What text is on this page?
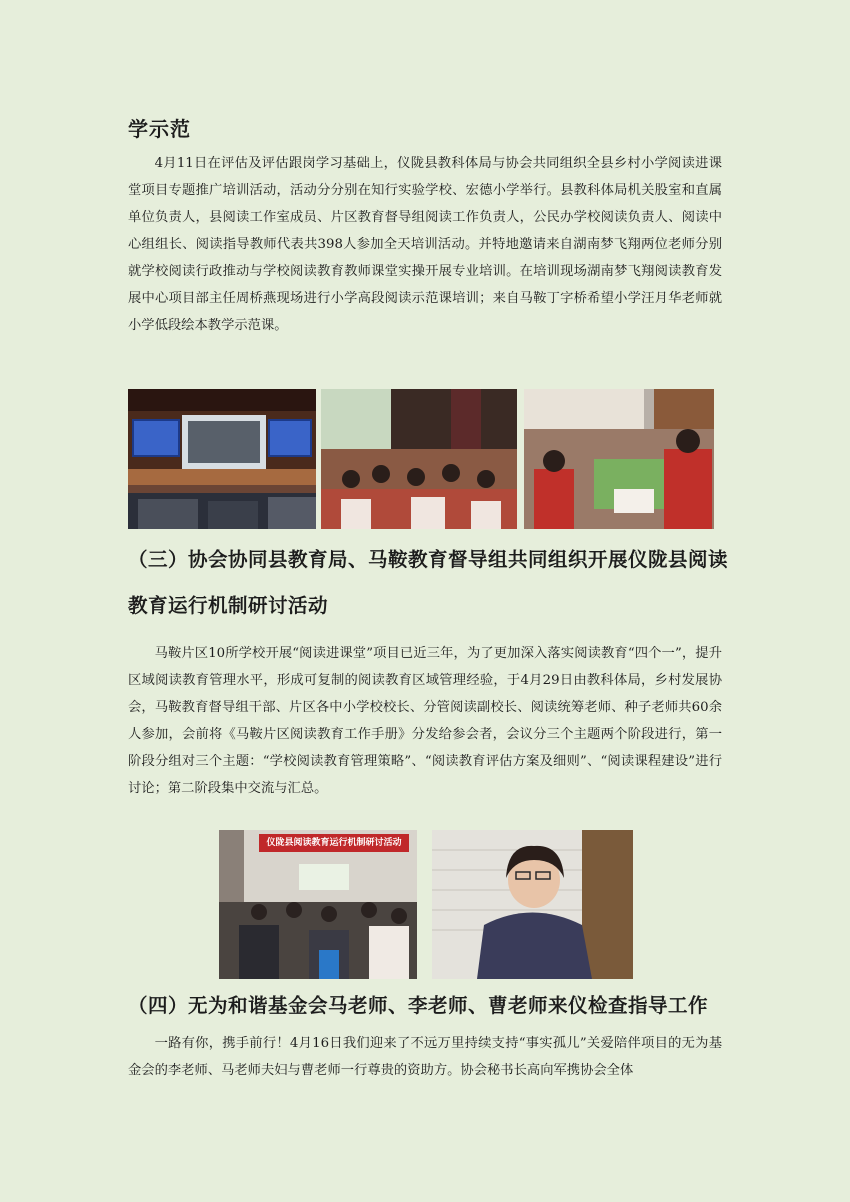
学示范

4月11日在评估及评估跟岗学习基础上，仪陇县教科体局与协会共同组织全县乡村小学阅读进课堂项目专题推广培训活动，活动分分别在知行实验学校、宏德小学举行。县教科体局机关股室和直属单位负责人，县阅读工作室成员、片区教育督导组阅读工作负责人，公民办学校阅读负责人、阅读中心组组长、阅读指导教师代表共398人参加全天培训活动。并特地邀请来自湖南梦飞翔两位老师分别就学校阅读行政推动与学校阅读教育教师课堂实操开展专业培训。在培训现场湖南梦飞翔阅读教育发展中心项目部主任周桥燕现场进行小学高段阅读示范课培训；来自马鞍丁字桥希望小学汪月华老师就小学低段绘本教学示范课。

（三）协会协同县教育局、马鞍教育督导组共同组织开展仪陇县阅读教育运行机制研讨活动

马鞍片区10所学校开展“阅读进课堂”项目已近三年，为了更加深入落实阅读教育“四个一”，提升区域阅读教育管理水平，形成可复制的阅读教育区域管理经验，于4月29日由教科体局，乡村发展协会，马鞍教育督导组干部、片区各中小学校校长、分管阅读副校长、阅读统筹老师、种子老师共60余人参加，会前将《马鞍片区阅读教育工作手册》分发给参会者，会议分三个主题两个阶段进行，第一阶段分组对三个主题：“学校阅读教育管理策略”、“阅读教育评估方案及细则”、“阅读课程建设”进行讨论；第二阶段集中交流与汇总。

仪陇县阅读教育运行机制研讨活动
（四）无为和谐基金会马老师、李老师、曹老师来仪检查指导工作

一路有你，携手前行！4月16日我们迎来了不远万里持续支持“事实孤儿”关爱陪伴项目的无为基金会的李老师、马老师夫妇与曹老师一行尊贵的资助方。协会秘书长高向军携协会全体
